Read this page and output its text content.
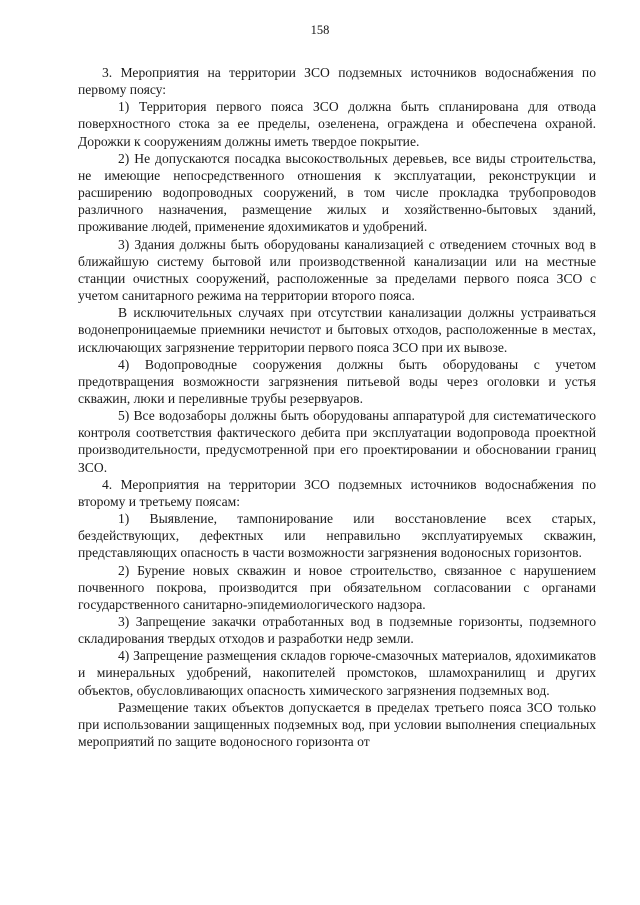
158

3. Мероприятия на территории ЗСО подземных источников водоснабжения по первому поясу:

1) Территория первого пояса ЗСО должна быть спланирована для отвода поверхностного стока за ее пределы, озеленена, ограждена и обеспечена охраной. Дорожки к сооружениям должны иметь твердое покрытие.

2) Не допускаются посадка высокоствольных деревьев, все виды строительства, не имеющие непосредственного отношения к эксплуатации, реконструкции и расширению водопроводных сооружений, в том числе прокладка трубопроводов различного назначения, размещение жилых и хозяйственно-бытовых зданий, проживание людей, применение ядохимикатов и удобрений.

3) Здания должны быть оборудованы канализацией с отведением сточных вод в ближайшую систему бытовой или производственной канализации или на местные станции очистных сооружений, расположенные за пределами первого пояса ЗСО с учетом санитарного режима на территории второго пояса.

В исключительных случаях при отсутствии канализации должны устраиваться водонепроницаемые приемники нечистот и бытовых отходов, расположенные в местах, исключающих загрязнение территории первого пояса ЗСО при их вывозе.

4) Водопроводные сооружения должны быть оборудованы с учетом предотвращения возможности загрязнения питьевой воды через оголовки и устья скважин, люки и переливные трубы резервуаров.

5) Все водозаборы должны быть оборудованы аппаратурой для систематического контроля соответствия фактического дебита при эксплуатации водопровода проектной производительности, предусмотренной при его проектировании и обосновании границ ЗСО.

4. Мероприятия на территории ЗСО подземных источников водоснабжения по второму и третьему поясам:

1) Выявление, тампонирование или восстановление всех старых, бездействующих, дефектных или неправильно эксплуатируемых скважин, представляющих опасность в части возможности загрязнения водоносных горизонтов.

2) Бурение новых скважин и новое строительство, связанное с нарушением почвенного покрова, производится при обязательном согласовании с органами государственного санитарно-эпидемиологического надзора.

3) Запрещение закачки отработанных вод в подземные горизонты, подземного складирования твердых отходов и разработки недр земли.

4) Запрещение размещения складов горюче-смазочных материалов, ядохимикатов и минеральных удобрений, накопителей промстоков, шламохранилищ и других объектов, обусловливающих опасность химического загрязнения подземных вод.

Размещение таких объектов допускается в пределах третьего пояса ЗСО только при использовании защищенных подземных вод, при условии выполнения специальных мероприятий по защите водоносного горизонта от
